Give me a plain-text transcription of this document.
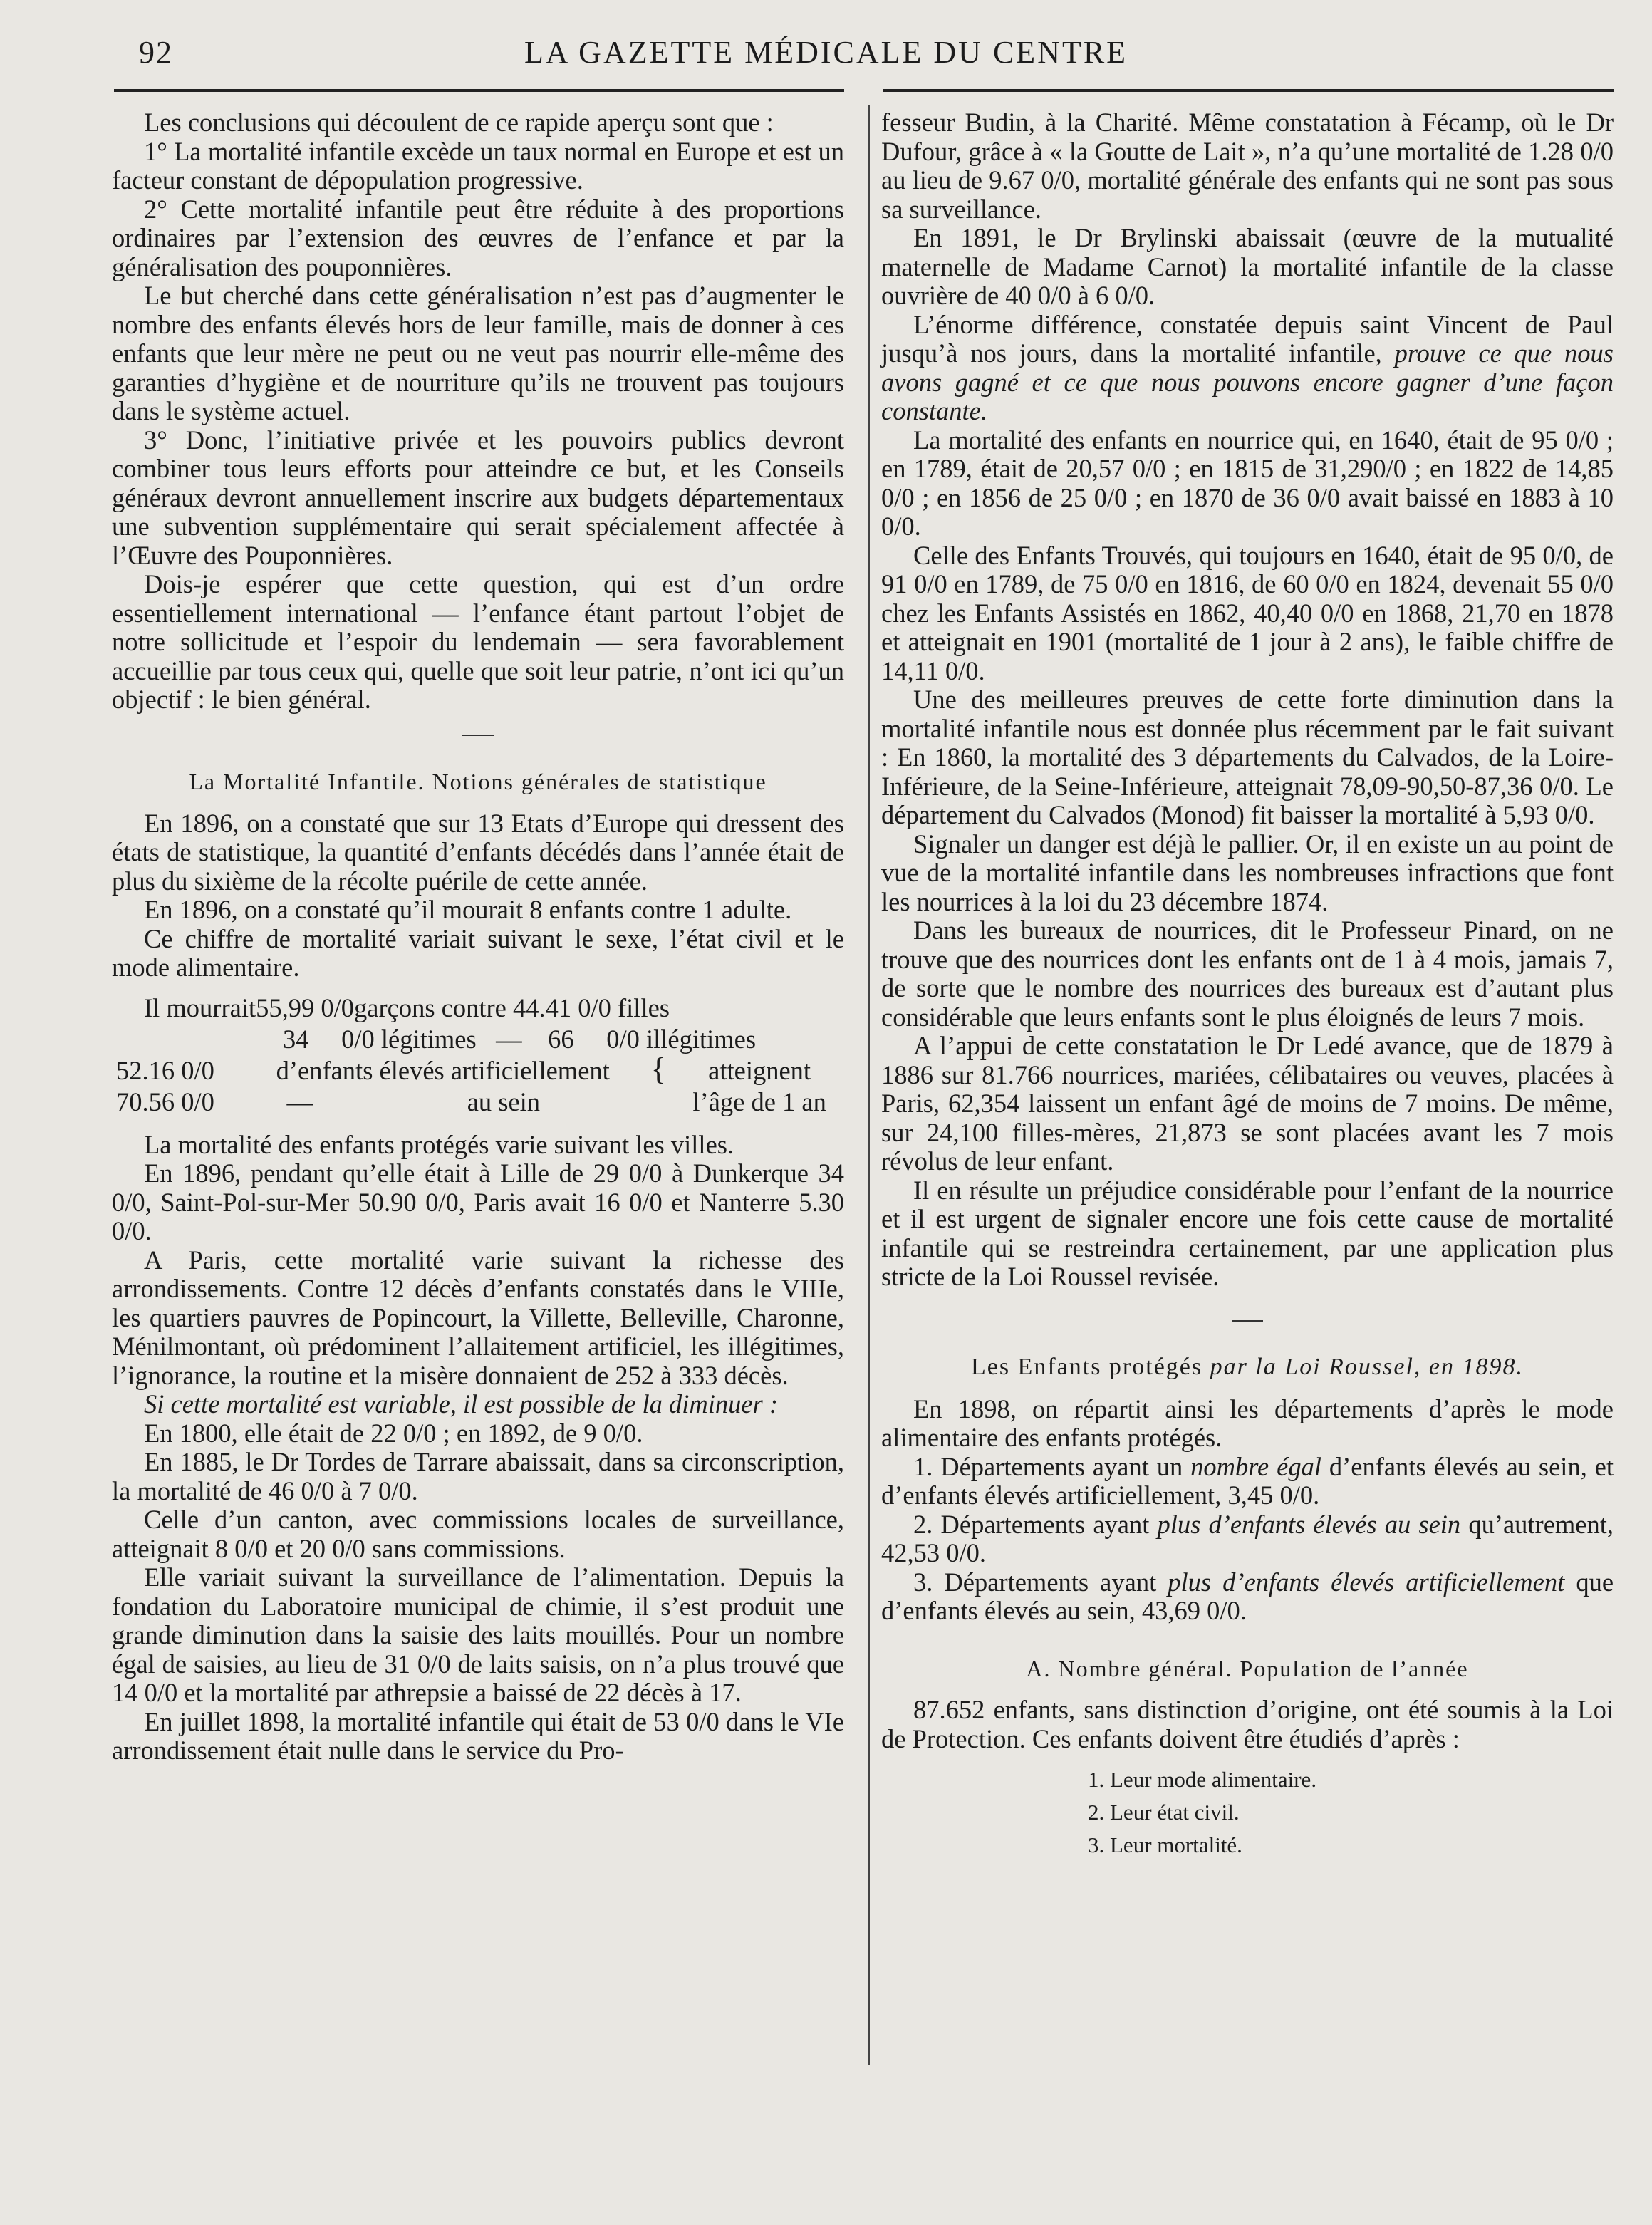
92	LA GAZETTE MÉDICALE DU CENTRE

Les conclusions qui découlent de ce rapide aperçu sont que :

1° La mortalité infantile excède un taux normal en Europe et est un facteur constant de dépopulation progressive.

2° Cette mortalité infantile peut être réduite à des proportions ordinaires par l’extension des œuvres de l’enfance et par la généralisation des pouponnières.

Le but cherché dans cette généralisation n’est pas d’augmenter le nombre des enfants élevés hors de leur famille, mais de donner à ces enfants que leur mère ne peut ou ne veut pas nourrir elle-même des garanties d’hygiène et de nourriture qu’ils ne trouvent pas toujours dans le système actuel.

3° Donc, l’initiative privée et les pouvoirs publics devront combiner tous leurs efforts pour atteindre ce but, et les Conseils généraux devront annuellement inscrire aux budgets départementaux une subvention supplémentaire qui serait spécialement affectée à l’Œuvre des Pouponnières.

Dois-je espérer que cette question, qui est d’un ordre essentiellement international — l’enfance étant partout l’objet de notre sollicitude et l’espoir du lendemain — sera favorablement accueillie par tous ceux qui, quelle que soit leur patrie, n’ont ici qu’un objectif : le bien général.

La Mortalité Infantile. Notions générales de statistique

En 1896, on a constaté que sur 13 Etats d’Europe qui dressent des états de statistique, la quantité d’enfants décédés dans l’année était de plus du sixième de la récolte puérile de cette année.

En 1896, on a constaté qu’il mourait 8 enfants contre 1 adulte.

Ce chiffre de mortalité variait suivant le sexe, l’état civil et le mode alimentaire.

Il mourrait55,99 0/0garçons contre 44.41 0/0 filles				
34 0/0 légitimes — 66 0/0 illégitimes				
52.16 0/0	d’enfants élevés artificiellement		{	atteignent
70.56 0/0	—	au sein		l’âge de 1 an

La mortalité des enfants protégés varie suivant les villes.

En 1896, pendant qu’elle était à Lille de 29 0/0 à Dunkerque 34 0/0, Saint-Pol-sur-Mer 50.90 0/0, Paris avait 16 0/0 et Nanterre 5.30 0/0.

A Paris, cette mortalité varie suivant la richesse des arrondissements. Contre 12 décès d’enfants constatés dans le VIIIe, les quartiers pauvres de Popincourt, la Villette, Belleville, Charonne, Ménilmontant, où prédominent l’allaitement artificiel, les illégitimes, l’ignorance, la routine et la misère donnaient de 252 à 333 décès.

Si cette mortalité est variable, il est possible de la diminuer :

En 1800, elle était de 22 0/0 ; en 1892, de 9 0/0.

En 1885, le Dr Tordes de Tarrare abaissait, dans sa circonscription, la mortalité de 46 0/0 à 7 0/0.

Celle d’un canton, avec commissions locales de surveillance, atteignait 8 0/0 et 20 0/0 sans commissions.

Elle variait suivant la surveillance de l’alimentation. Depuis la fondation du Laboratoire municipal de chimie, il s’est produit une grande diminution dans la saisie des laits mouillés. Pour un nombre égal de saisies, au lieu de 31 0/0 de laits saisis, on n’a plus trouvé que 14 0/0 et la mortalité par athrepsie a baissé de 22 décès à 17.

En juillet 1898, la mortalité infantile qui était de 53 0/0 dans le VIe arrondissement était nulle dans le service du Pro-

fesseur Budin, à la Charité. Même constatation à Fécamp, où le Dr Dufour, grâce à « la Goutte de Lait », n’a qu’une mortalité de 1.28 0/0 au lieu de 9.67 0/0, mortalité générale des enfants qui ne sont pas sous sa surveillance.

En 1891, le Dr Brylinski abaissait (œuvre de la mutualité maternelle de Madame Carnot) la mortalité infantile de la classe ouvrière de 40 0/0 à 6 0/0.

L’énorme différence, constatée depuis saint Vincent de Paul jusqu’à nos jours, dans la mortalité infantile, prouve ce que nous avons gagné et ce que nous pouvons encore gagner d’une façon constante.

La mortalité des enfants en nourrice qui, en 1640, était de 95 0/0 ; en 1789, était de 20,57 0/0 ; en 1815 de 31,290/0 ; en 1822 de 14,85 0/0 ; en 1856 de 25 0/0 ; en 1870 de 36 0/0 avait baissé en 1883 à 10 0/0.

Celle des Enfants Trouvés, qui toujours en 1640, était de 95 0/0, de 91 0/0 en 1789, de 75 0/0 en 1816, de 60 0/0 en 1824, devenait 55 0/0 chez les Enfants Assistés en 1862, 40,40 0/0 en 1868, 21,70 en 1878 et atteignait en 1901 (mortalité de 1 jour à 2 ans), le faible chiffre de 14,11 0/0.

Une des meilleures preuves de cette forte diminution dans la mortalité infantile nous est donnée plus récemment par le fait suivant : En 1860, la mortalité des 3 départements du Calvados, de la Loire-Inférieure, de la Seine-Inférieure, atteignait 78,09-90,50-87,36 0/0. Le département du Calvados (Monod) fit baisser la mortalité à 5,93 0/0.

Signaler un danger est déjà le pallier. Or, il en existe un au point de vue de la mortalité infantile dans les nombreuses infractions que font les nourrices à la loi du 23 décembre 1874.

Dans les bureaux de nourrices, dit le Professeur Pinard, on ne trouve que des nourrices dont les enfants ont de 1 à 4 mois, jamais 7, de sorte que le nombre des nourrices des bureaux est d’autant plus considérable que leurs enfants sont le plus éloignés de leurs 7 mois.

A l’appui de cette constatation le Dr Ledé avance, que de 1879 à 1886 sur 81.766 nourrices, mariées, célibataires ou veuves, placées à Paris, 62,354 laissent un enfant âgé de moins de 7 moins. De même, sur 24,100 filles-mères, 21,873 se sont placées avant les 7 mois révolus de leur enfant.

Il en résulte un préjudice considérable pour l’enfant de la nourrice et il est urgent de signaler encore une fois cette cause de mortalité infantile qui se restreindra certainement, par une application plus stricte de la Loi Roussel revisée.

Les Enfants protégés par la Loi Roussel, en 1898.

En 1898, on répartit ainsi les départements d’après le mode alimentaire des enfants protégés.

1. Départements ayant un nombre égal d’enfants élevés au sein, et d’enfants élevés artificiellement, 3,45 0/0.

2. Départements ayant plus d’enfants élevés au sein qu’autrement, 42,53 0/0.

3. Départements ayant plus d’enfants élevés artificiellement que d’enfants élevés au sein, 43,69 0/0.

A. Nombre général. Population de l’année

87.652 enfants, sans distinction d’origine, ont été soumis à la Loi de Protection. Ces enfants doivent être étudiés d’après :

1. Leur mode alimentaire.
2. Leur état civil.
3. Leur mortalité.
